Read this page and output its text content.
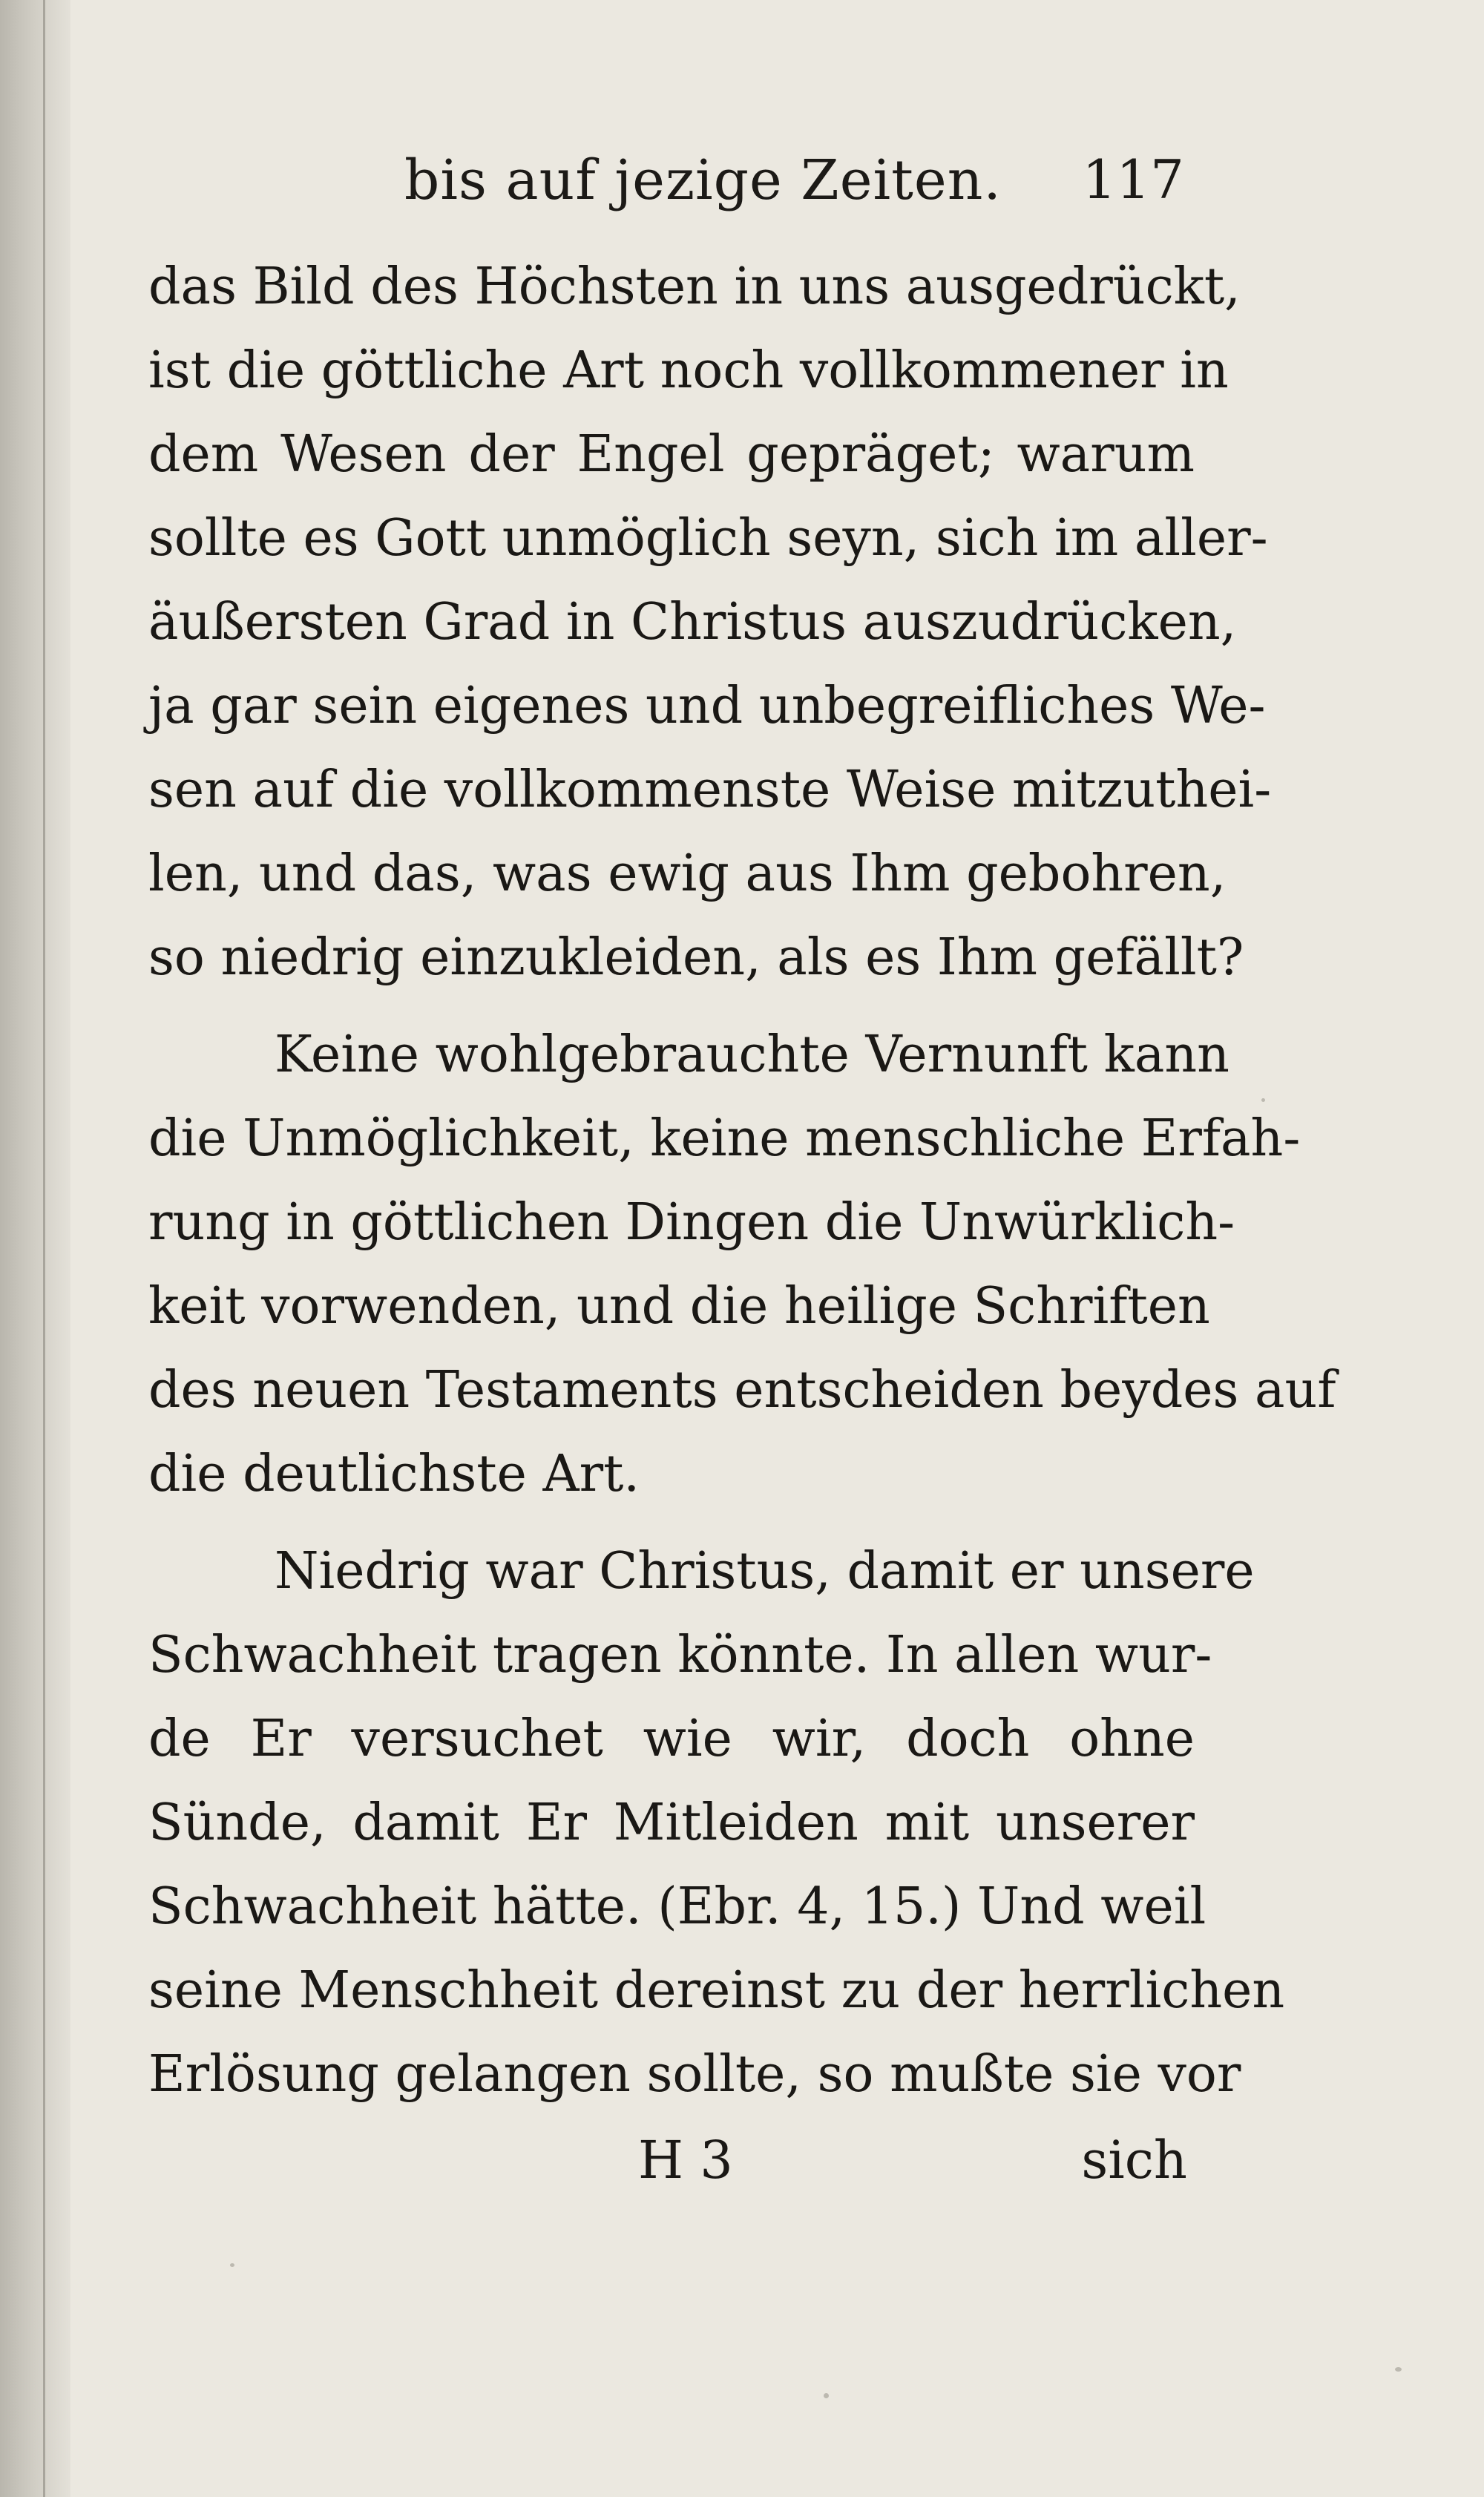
bis auf jezige Zeiten. 117
das Bild des Höchsten in uns ausgedrückt,
ist die göttliche Art noch vollkommener in
dem Wesen der Engel gepräget; warum
sollte es Gott unmöglich seyn, sich im aller-
äußersten Grad in Christus auszudrücken,
ja gar sein eigenes und unbegreifliches We-
sen auf die vollkommenste Weise mitzuthei-
len, und das, was ewig aus Ihm gebohren,
so niedrig einzukleiden, als es Ihm gefällt?
Keine wohlgebrauchte Vernunft kann
die Unmöglichkeit, keine menschliche Erfah-
rung in göttlichen Dingen die Unwürklich-
keit vorwenden, und die heilige Schriften
des neuen Testaments entscheiden beydes auf
die deutlichste Art.
Niedrig war Christus, damit er unsere
Schwachheit tragen könnte. In allen wur-
de Er versuchet wie wir, doch ohne
Sünde, damit Er Mitleiden mit unserer
Schwachheit hätte. (Ebr. 4, 15.) Und weil
seine Menschheit dereinst zu der herrlichen
Erlösung gelangen sollte, so mußte sie vor
H 3	sich
